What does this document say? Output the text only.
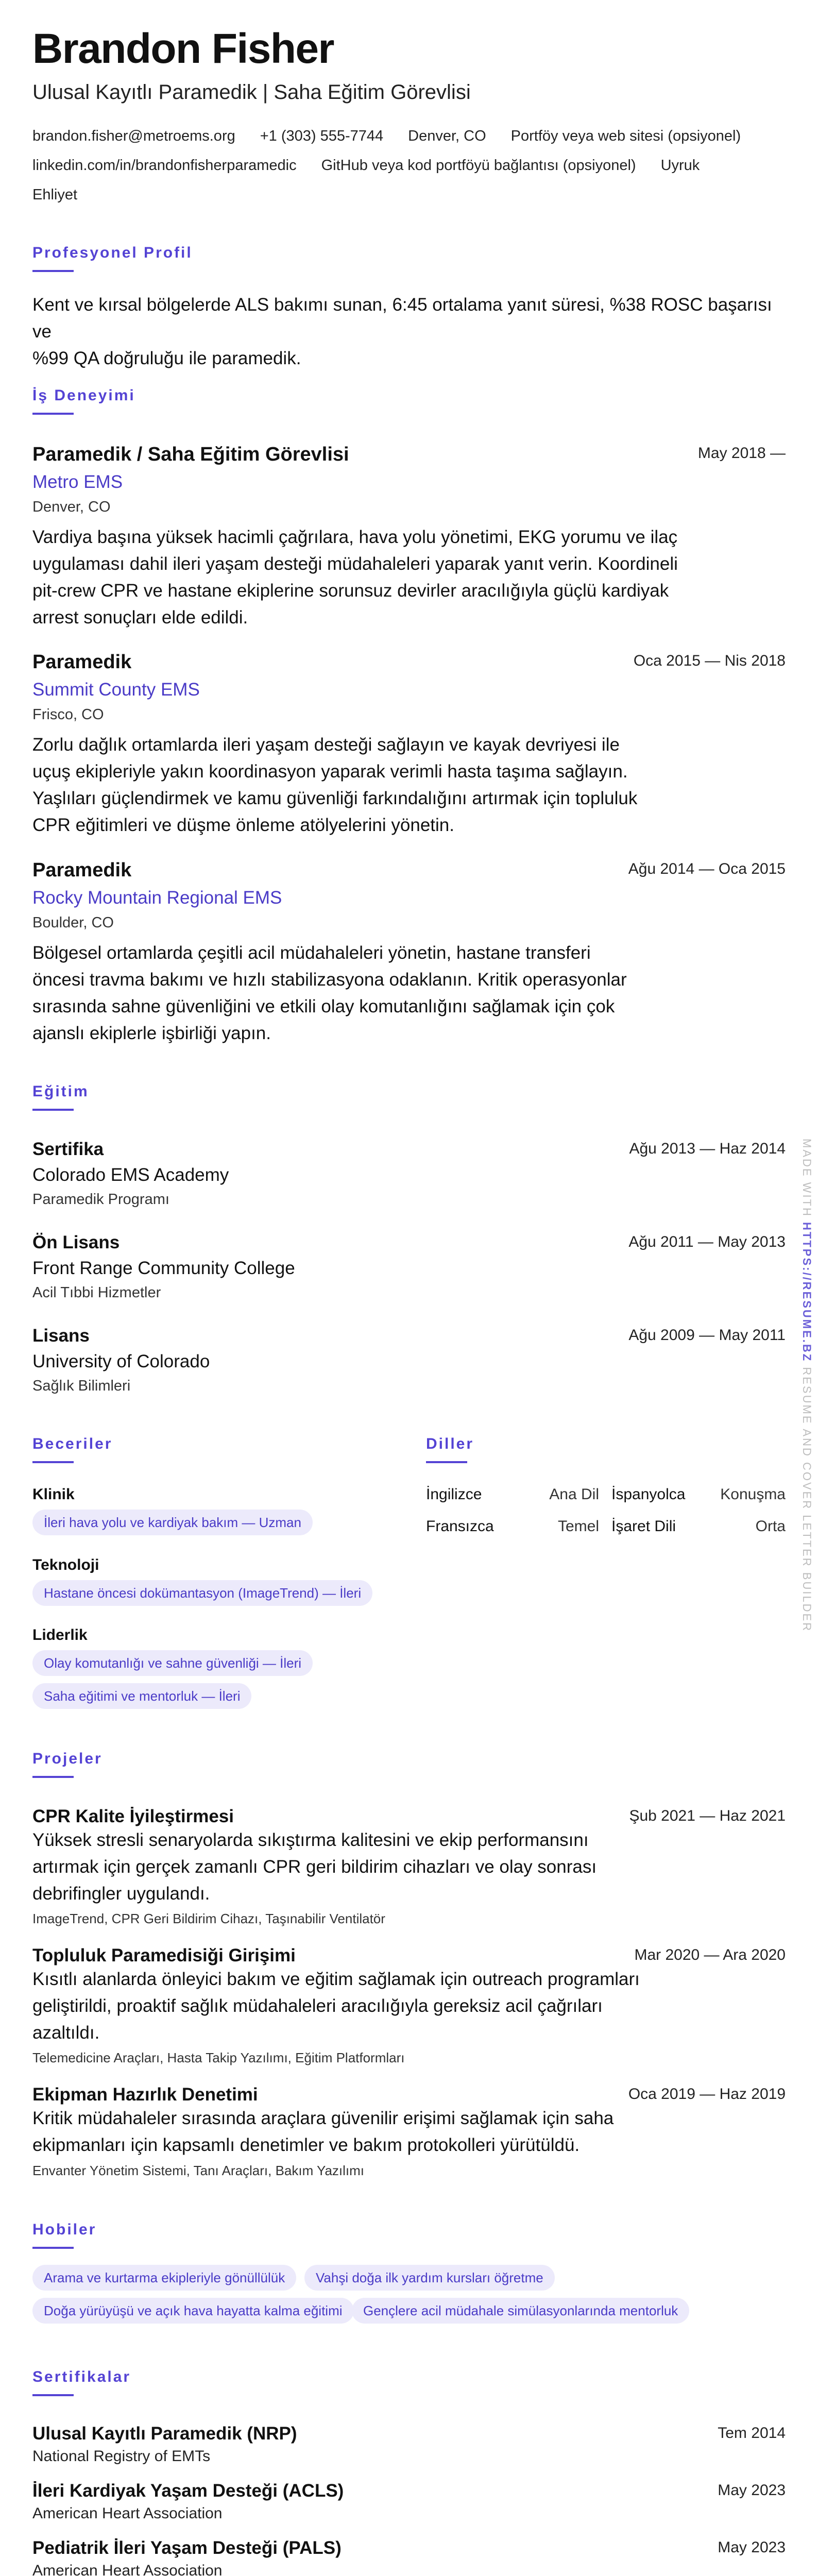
Brandon Fisher
Ulusal Kayıtlı Paramedik | Saha Eğitim Görevlisi
brandon.fisher@metroems.org +1 (303) 555-7744 Denver, CO Portföy veya web sitesi (opsiyonel)linkedin.com/in/brandonfisherparamedic GitHub veya kod portföyü bağlantısı (opsiyonel) UyrukEhliyet
Profesyonel Profil
Kent ve kırsal bölgelerde ALS bakımı sunan, 6:45 ortalama yanıt süresi, %38 ROSC başarısı ve
%99 QA doğruluğu ile paramedik.
İş Deneyimi
Paramedik / Saha Eğitim Görevlisi	May 2018 —
Metro EMS
Denver, CO
Vardiya başına yüksek hacimli çağrılara, hava yolu yönetimi, EKG yorumu ve ilaç
uygulaması dahil ileri yaşam desteği müdahaleleri yaparak yanıt verin. Koordineli
pit-crew CPR ve hastane ekiplerine sorunsuz devirler aracılığıyla güçlü kardiyak
arrest sonuçları elde edildi.
Paramedik	Oca 2015 — Nis 2018
Summit County EMS
Frisco, CO
Zorlu dağlık ortamlarda ileri yaşam desteği sağlayın ve kayak devriyesi ile
uçuş ekipleriyle yakın koordinasyon yaparak verimli hasta taşıma sağlayın.
Yaşlıları güçlendirmek ve kamu güvenliği farkındalığını artırmak için topluluk
CPR eğitimleri ve düşme önleme atölyelerini yönetin.
Paramedik	Ağu 2014 — Oca 2015
Rocky Mountain Regional EMS
Boulder, CO
Bölgesel ortamlarda çeşitli acil müdahaleleri yönetin, hastane transferi
öncesi travma bakımı ve hızlı stabilizasyona odaklanın. Kritik operasyonlar
sırasında sahne güvenliğini ve etkili olay komutanlığını sağlamak için çok
ajanslı ekiplerle işbirliği yapın.
Eğitim
Sertifika	Ağu 2013 — Haz 2014
Colorado EMS Academy
Paramedik Programı
Ön Lisans	Ağu 2011 — May 2013
Front Range Community College
Acil Tıbbi Hizmetler
Lisans	Ağu 2009 — May 2011
University of Colorado
Sağlık Bilimleri
Beceriler
Klinik
İleri hava yolu ve kardiyak bakım — Uzman
Teknoloji
Hastane öncesi dokümantasyon (ImageTrend) — İleri
Liderlik
Olay komutanlığı ve sahne güvenliği — İleri
Saha eğitimi ve mentorluk — İleri
Diller
İngilizce	Ana Dil İspanyolca	Konuşma
Fransızca	Temel İşaret Dili	Orta
Projeler
CPR Kalite İyileştirmesi	Şub 2021 — Haz 2021
Yüksek stresli senaryolarda sıkıştırma kalitesini ve ekip performansını
artırmak için gerçek zamanlı CPR geri bildirim cihazları ve olay sonrası
debrifingler uygulandı.
ImageTrend, CPR Geri Bildirim Cihazı, Taşınabilir Ventilatör
Topluluk Paramedisiği Girişimi	Mar 2020 — Ara 2020
Kısıtlı alanlarda önleyici bakım ve eğitim sağlamak için outreach programları
geliştirildi, proaktif sağlık müdahaleleri aracılığıyla gereksiz acil çağrıları
azaltıldı.
Telemedicine Araçları, Hasta Takip Yazılımı, Eğitim Platformları
Ekipman Hazırlık Denetimi	Oca 2019 — Haz 2019
Kritik müdahaleler sırasında araçlara güvenilir erişimi sağlamak için saha
ekipmanları için kapsamlı denetimler ve bakım protokolleri yürütüldü.
Envanter Yönetim Sistemi, Tanı Araçları, Bakım Yazılımı
Hobiler
Arama ve kurtarma ekipleriyle gönüllülük	Vahşi doğa ilk yardım kursları öğretme
Doğa yürüyüşü ve açık hava hayatta kalma eğitimi	Gençlere acil müdahale simülasyonlarında mentorluk
Sertifikalar
Ulusal Kayıtlı Paramedik (NRP)	Tem 2014
National Registry of EMTs
İleri Kardiyak Yaşam Desteği (ACLS)	May 2023
American Heart Association
Pediatrik İleri Yaşam Desteği (PALS)	May 2023
American Heart Association
MADE WITH HTTPS://RESUME.BZ RESUME AND COVER LETTER BUILDER
